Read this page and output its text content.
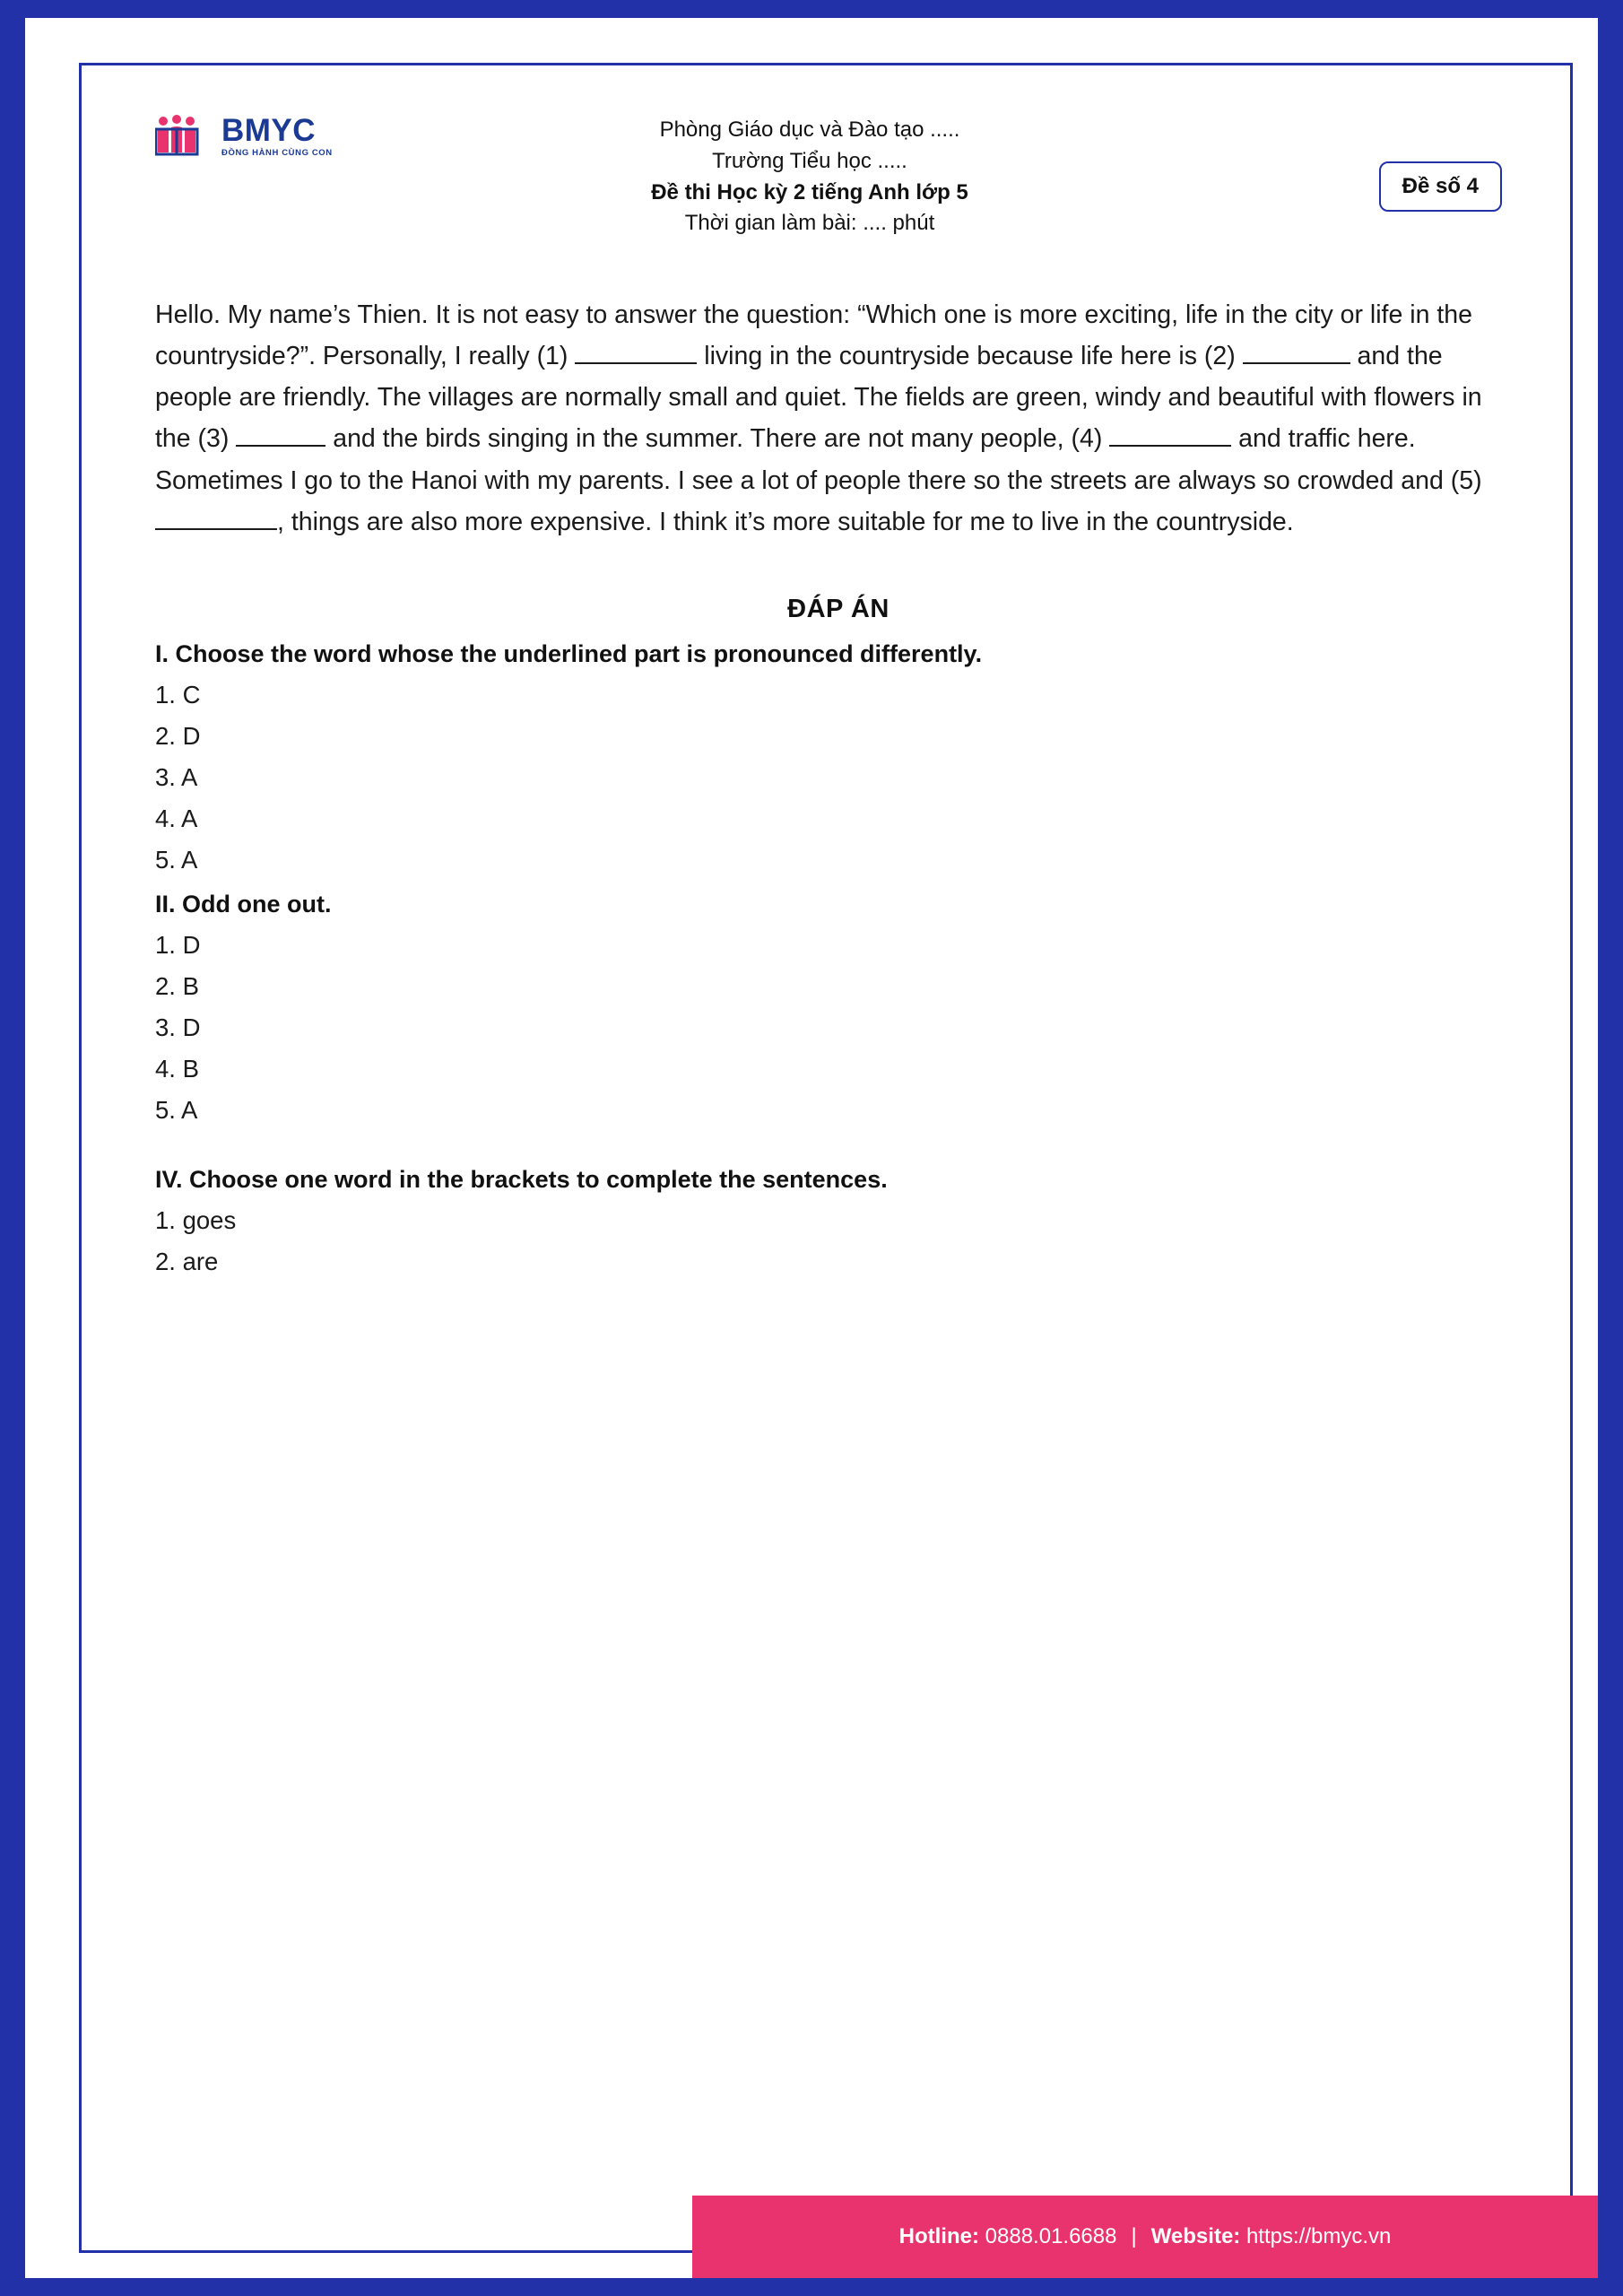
BMYC
ĐỒNG HÀNH CÙNG CON
Phòng Giáo dục và Đào tạo .....
Trường Tiểu học .....
Đề thi Học kỳ 2 tiếng Anh lớp 5
Thời gian làm bài: .... phút
Đề số 4
Hello. My name’s Thien. It is not easy to answer the question: “Which one is more exciting, life in the city or life in the countryside?”. Personally, I really (1)	living in the countryside because life here is (2)	and the people are friendly. The villages are normally small and quiet. The fields are green, windy and beautiful with flowers in the (3)	and the birds singing in the summer. There are not many people, (4)	and traffic here. Sometimes I go to the Hanoi with my parents. I see a lot of people there so the streets are always so crowded and (5) , things are also more expensive. I think it’s more suitable for me to live in the countryside.
ĐÁP ÁN
I. Choose the word whose the underlined part is pronounced differently.
1. C
2. D
3. A
4. A
5. A
II. Odd one out.
1. D
2. B
3. D
4. B
5. A
IV. Choose one word in the brackets to complete the sentences.
1. goes
2. are
Hotline:
0888.01.6688 | Website:
https://bmyc.vn
